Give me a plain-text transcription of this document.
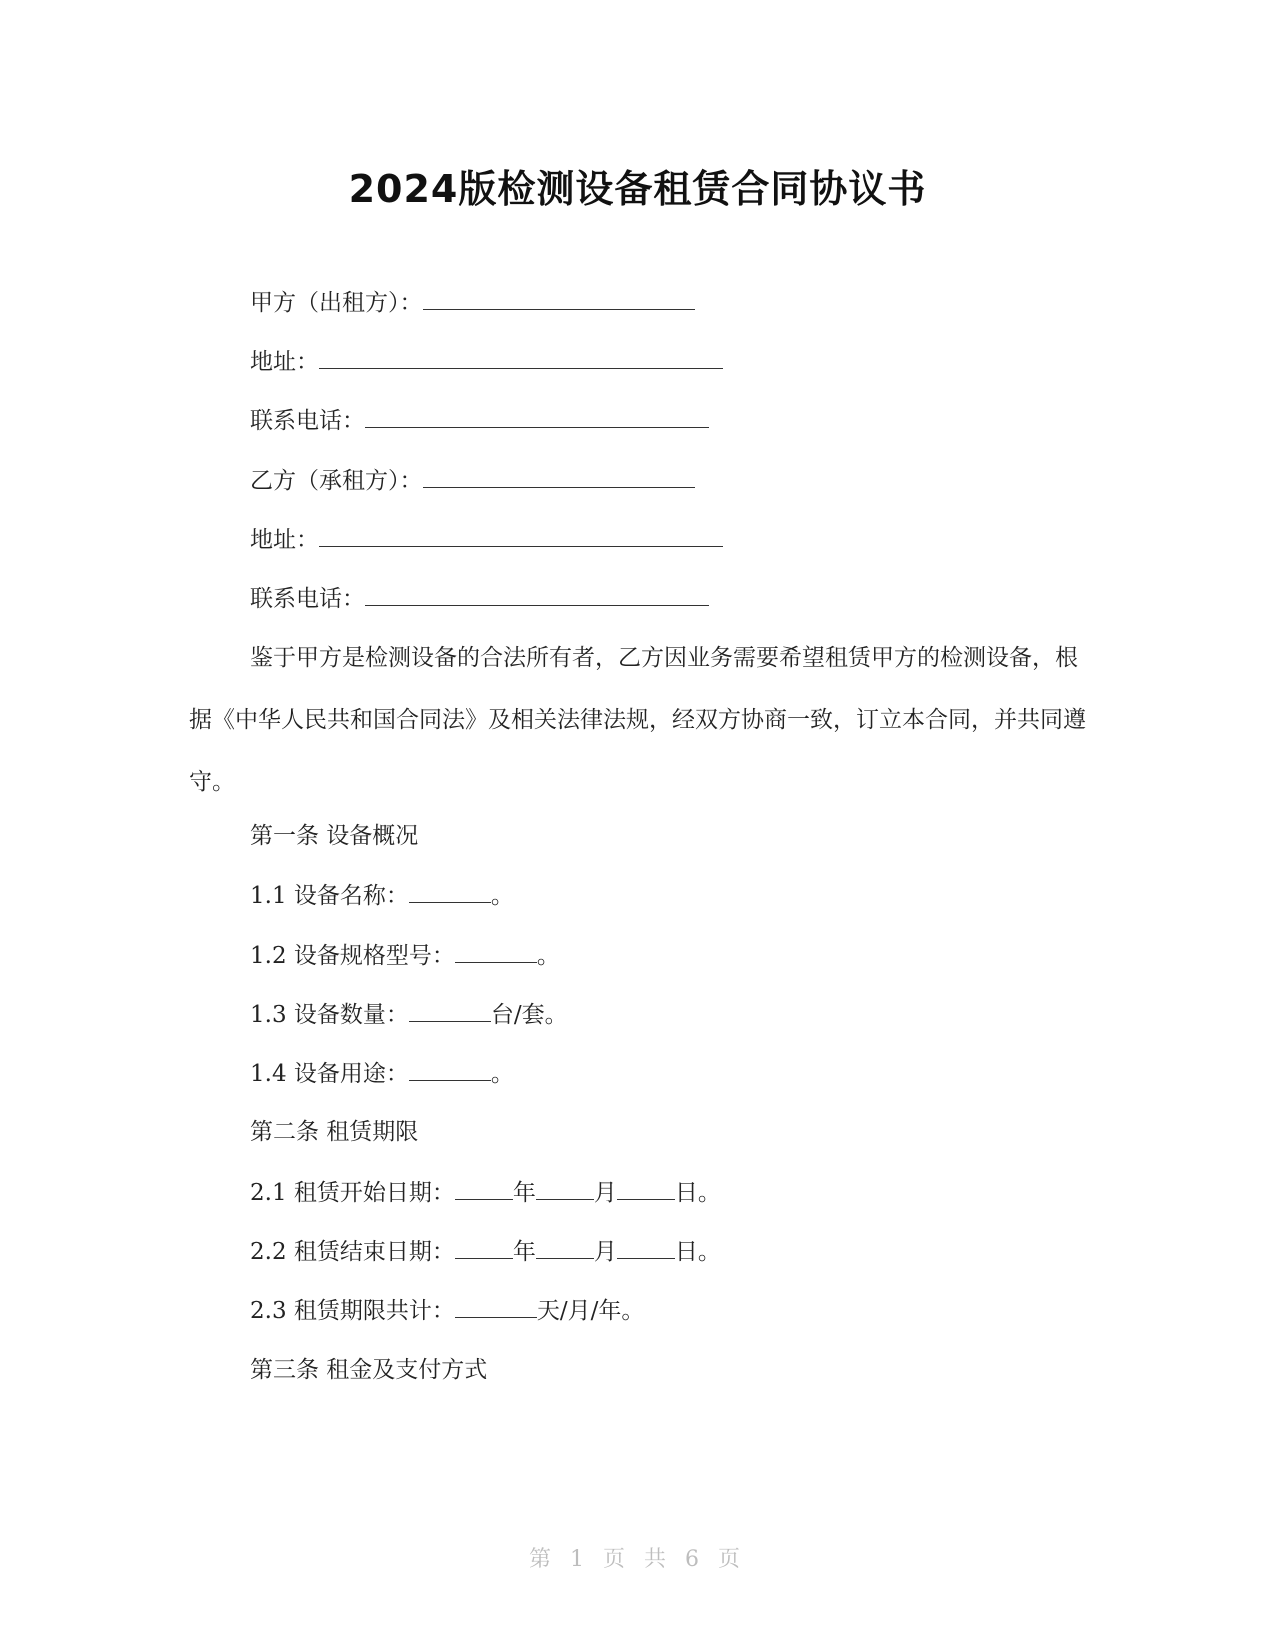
2024版检测设备租赁合同协议书
甲方（出租方）：
地址：
联系电话：
乙方（承租方）：
地址：
联系电话：
鉴于甲方是检测设备的合法所有者，乙方因业务需要希望租赁甲方的检测设备，根据《中华人民共和国合同法》及相关法律法规，经双方协商一致，订立本合同，并共同遵守。
第一条 设备概况
1.1 设备名称：	。
1.2 设备规格型号：	。
1.3 设备数量：	台/套。
1.4 设备用途：	。
第二条 租赁期限
2.1 租赁开始日期：	年	月	日。
2.2 租赁结束日期：	年	月	日。
2.3 租赁期限共计：	天/月/年。
第三条 租金及支付方式
第 1 页 共 6 页
